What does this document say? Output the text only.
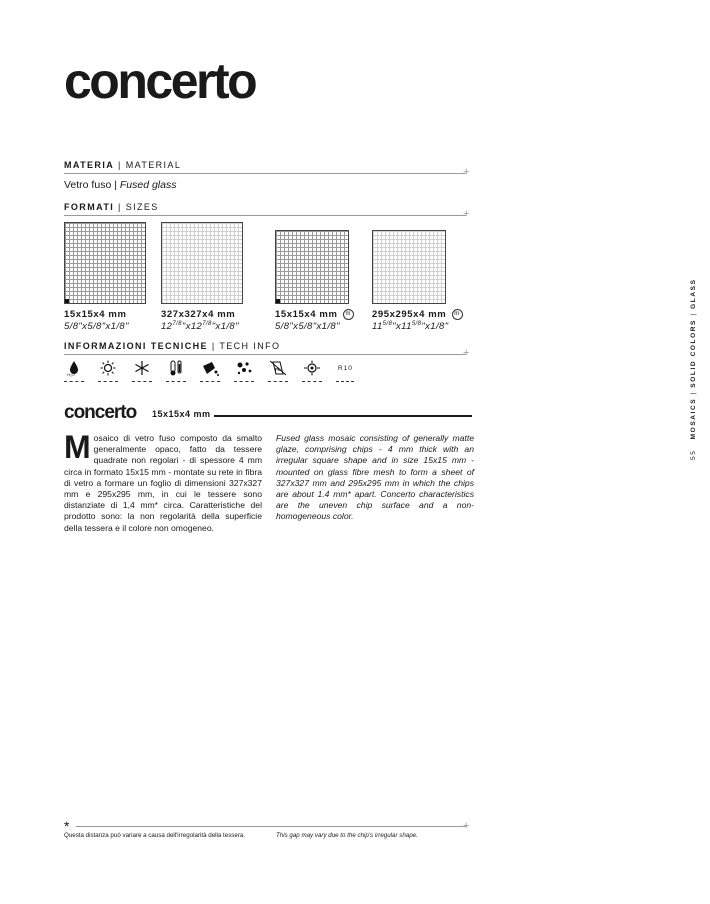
concerto
MATERIA | MATERIAL
+
Vetro fuso | Fused glass
FORMATI | SIZES
+
15x15x4 mm
5/8"x5/8"x1/8"
327x327x4 mm
$12^{7/8}"x12^{7/8}"x1/8$"
15x15x4 mm m
5/8"x5/8"x1/8"
295x295x4 mm m
$11^{5/8}"x11^{5/8}"x1/8$"
INFORMAZIONI TECNICHE | TECH INFO
+
H₂O
Pb	R10
concerto 15x15x4 mm
Mosaico di vetro fuso composto da smalto generalmente opaco, fatto da tessere quadrate non regolari - di spessore 4 mm circa in formato 15x15 mm - montate su rete in fibra di vetro a formare un foglio di dimensioni 327x327 mm e 295x295 mm, in cui le tessere sono distanziate di 1,4 mm* circa. Caratteristiche del prodotto sono: la non regolarità della superficie della tessera e il colore non omogeneo.
Fused glass mosaic consisting of generally matte glaze, comprising chips - 4 mm thick with an irregular square shape and in size 15x15 mm - mounted on glass fibre mesh to form a sheet of 327x327 mm and 295x295 mm in which the chips are about 1.4 mm* apart. Concerto characteristics are the uneven chip surface and a non-homogeneous color.
*	+
Questa distanza può variare a causa dell'irregolarità della tessera.	This gap may vary due to the chip's irregular shape.
55   MOSAICS | SOLID COLORS | GLASS
